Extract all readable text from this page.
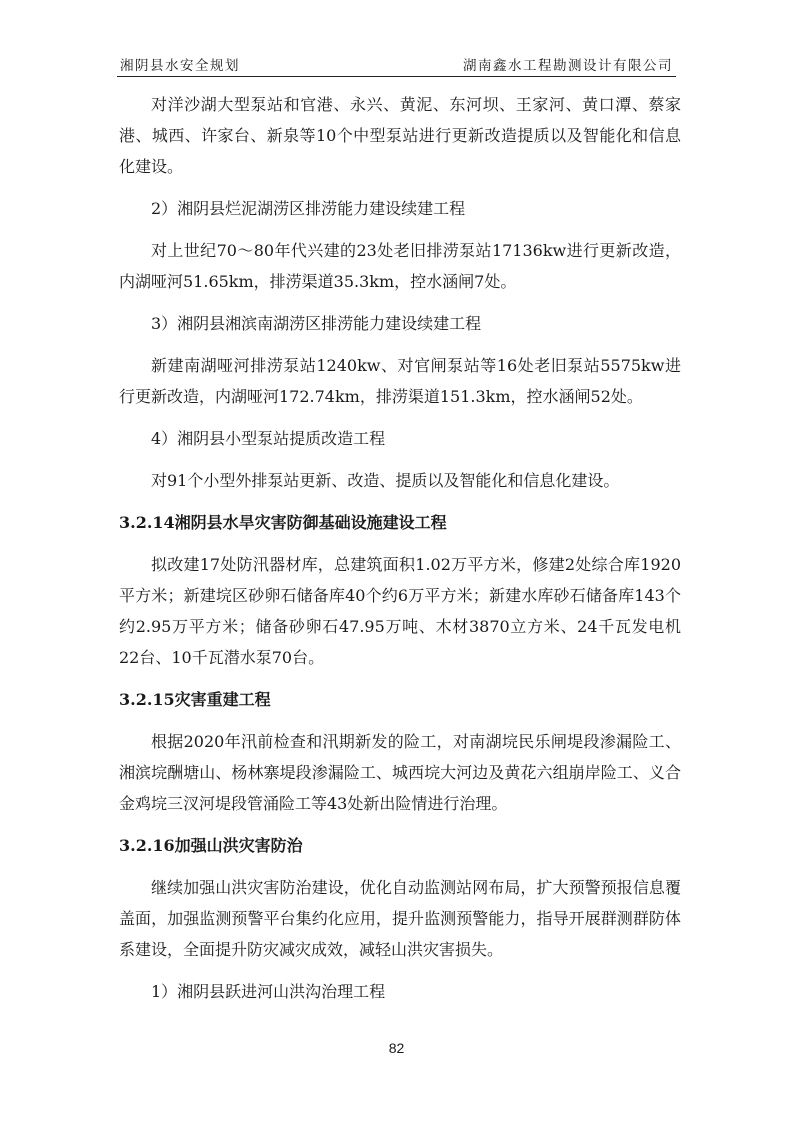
湘阴县水安全规划	湖南鑫水工程勘测设计有限公司

对洋沙湖大型泵站和官港、永兴、黄泥、东河坝、王家河、黄口潭、蔡家港、城西、许家台、新泉等10个中型泵站进行更新改造提质以及智能化和信息化建设。

2）湘阴县烂泥湖涝区排涝能力建设续建工程

对上世纪70～80年代兴建的23处老旧排涝泵站17136kw进行更新改造，内湖哑河51.65km，排涝渠道35.3km，控水涵闸7处。

3）湘阴县湘滨南湖涝区排涝能力建设续建工程

新建南湖哑河排涝泵站1240kw、对官闸泵站等16处老旧泵站5575kw进行更新改造，内湖哑河172.74km，排涝渠道151.3km，控水涵闸52处。

4）湘阴县小型泵站提质改造工程

对91个小型外排泵站更新、改造、提质以及智能化和信息化建设。

3.2.14湘阴县水旱灾害防御基础设施建设工程

拟改建17处防汛器材库，总建筑面积1.02万平方米，修建2处综合库1920平方米；新建垸区砂卵石储备库40个约6万平方米；新建水库砂石储备库143个约2.95万平方米；储备砂卵石47.95万吨、木材3870立方米、24千瓦发电机22台、10千瓦潜水泵70台。

3.2.15灾害重建工程

根据2020年汛前检查和汛期新发的险工，对南湖垸民乐闸堤段渗漏险工、湘滨垸酬塘山、杨林寨堤段渗漏险工、城西垸大河边及黄花六组崩岸险工、义合金鸡垸三汊河堤段管涌险工等43处新出险情进行治理。

3.2.16加强山洪灾害防治

继续加强山洪灾害防治建设，优化自动监测站网布局，扩大预警预报信息覆盖面，加强监测预警平台集约化应用，提升监测预警能力，指导开展群测群防体系建设，全面提升防灾减灾成效，减轻山洪灾害损失。

1）湘阴县跃进河山洪沟治理工程

82
